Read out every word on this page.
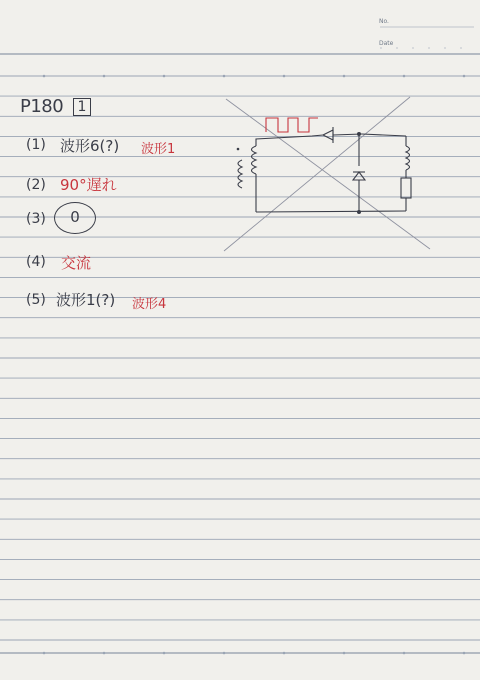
No.
Date
P180	1
(1) 波形6(?) 波形1
(2) 90°遅れ
(3)	0
(4) 交流
(5) 波形1(?) 波形4
